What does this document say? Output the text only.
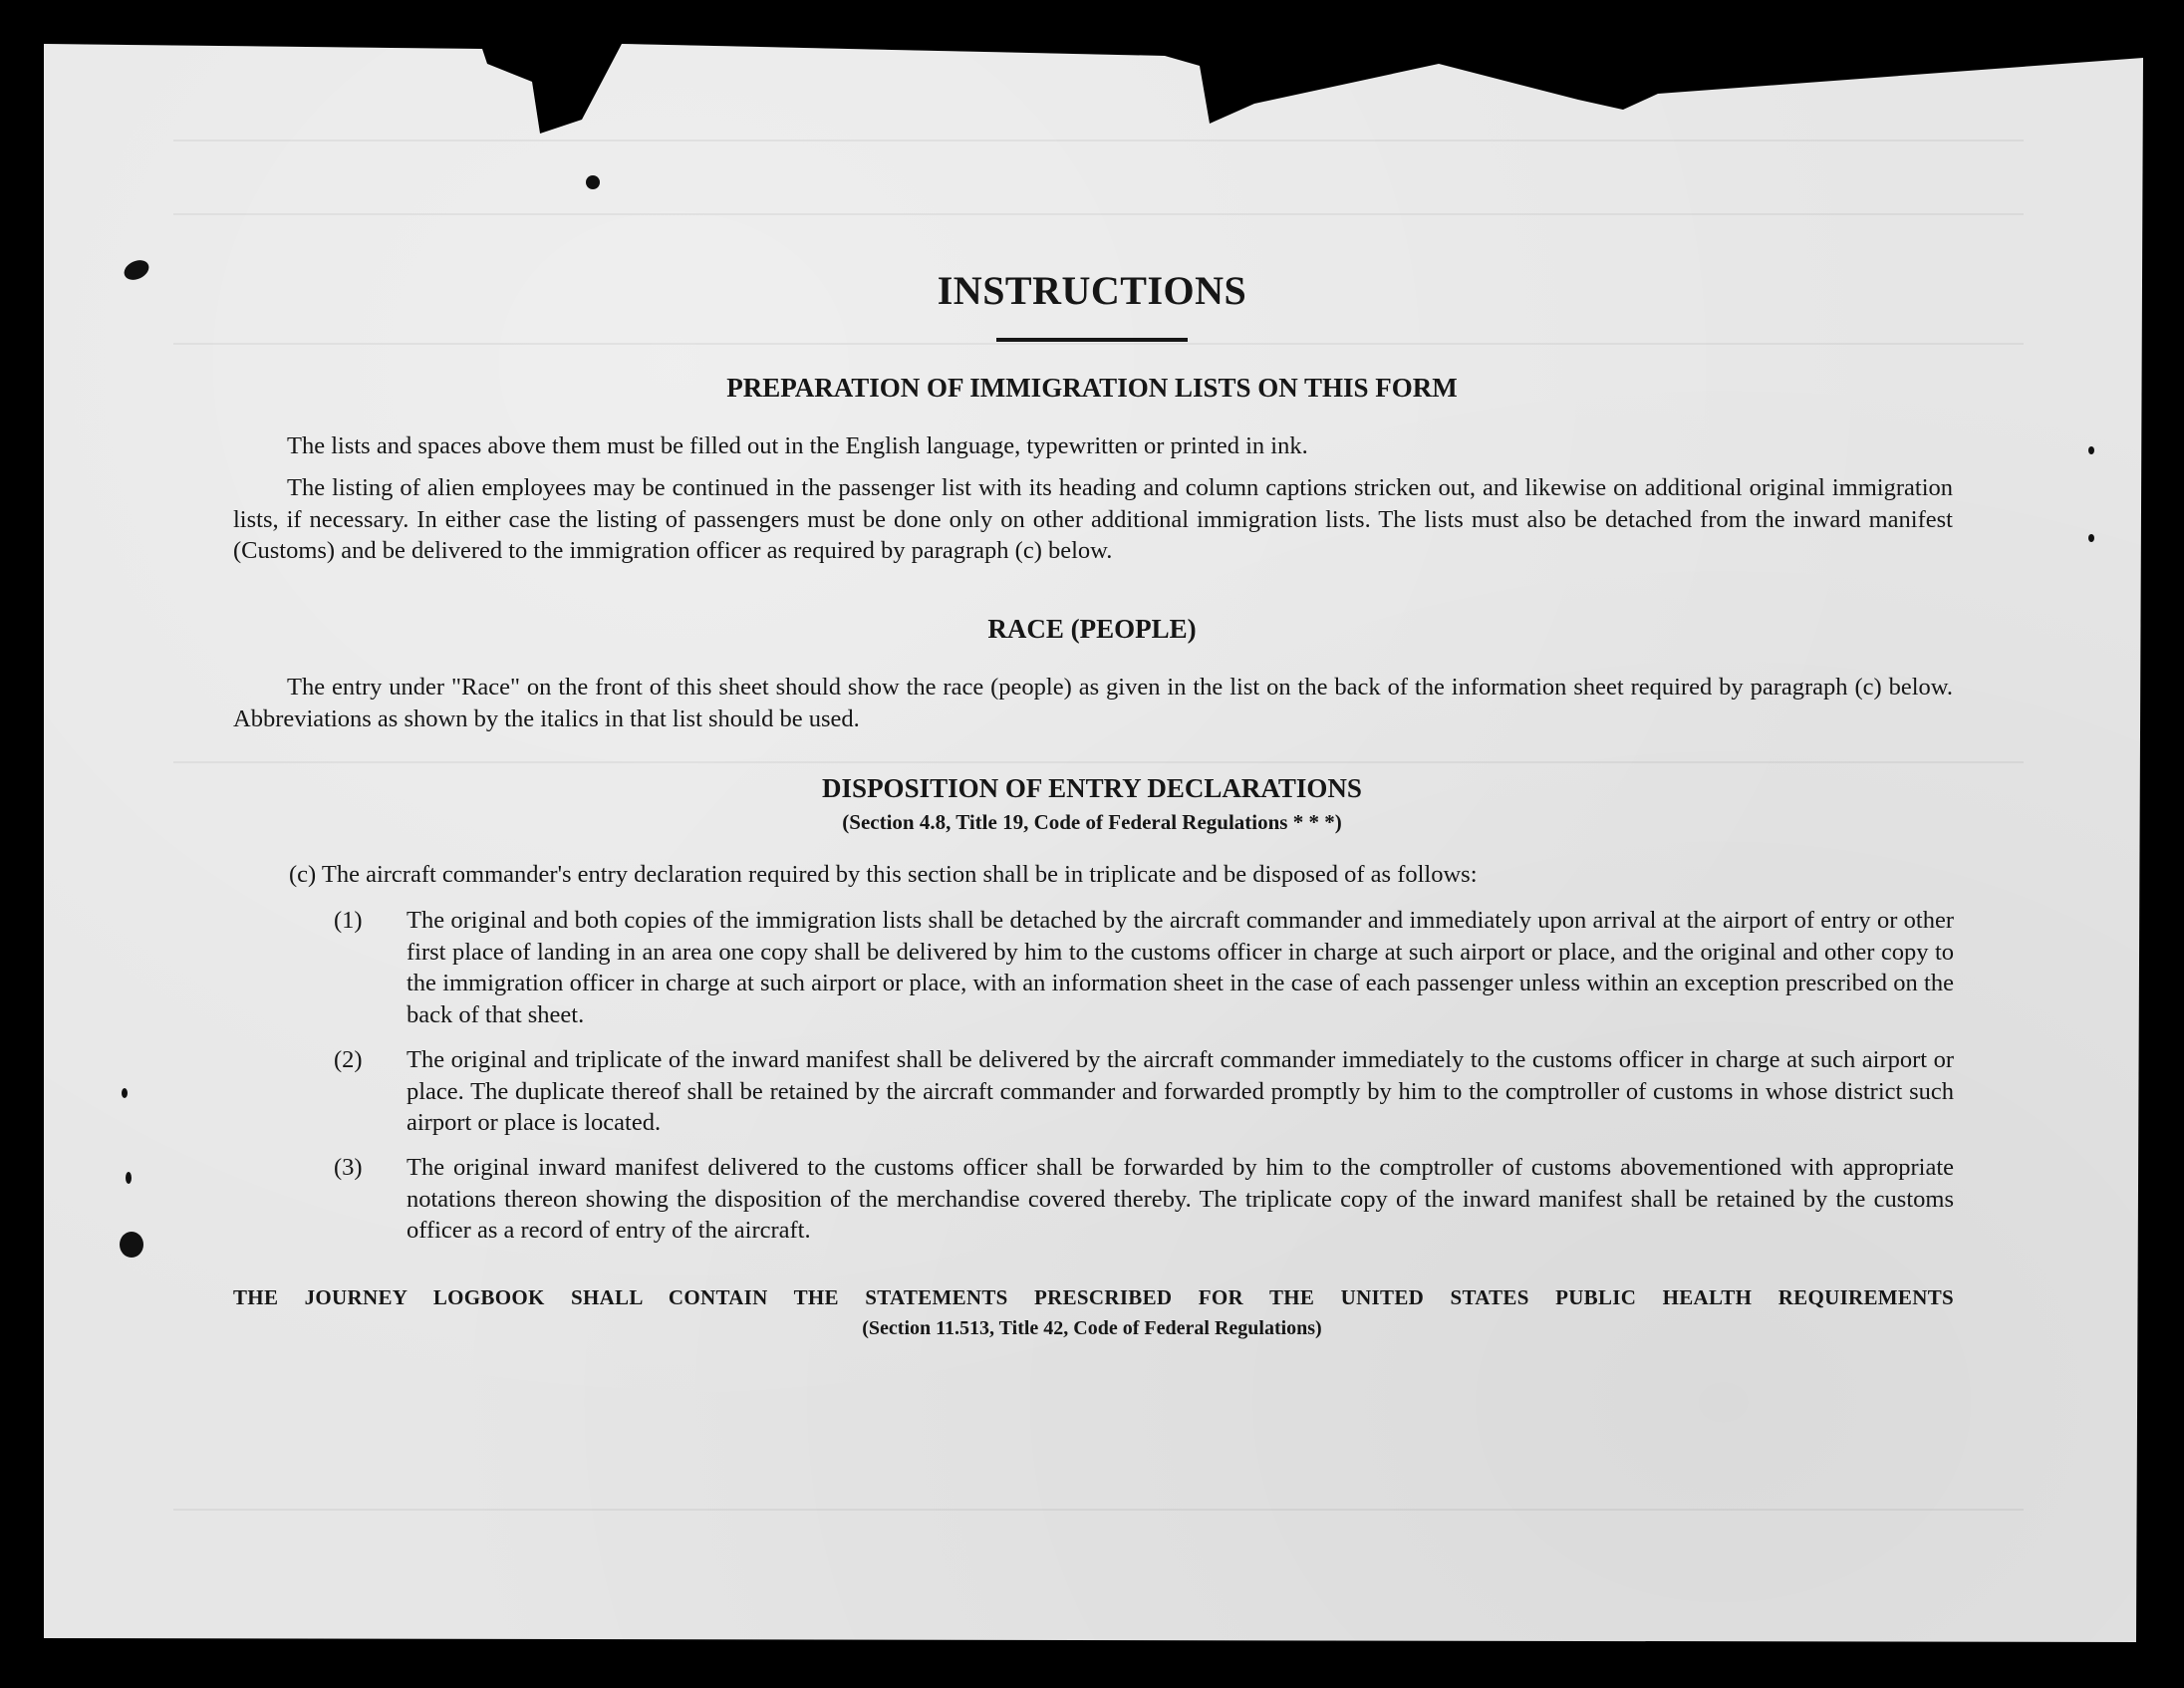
INSTRUCTIONS
PREPARATION OF IMMIGRATION LISTS ON THIS FORM

The lists and spaces above them must be filled out in the English language, typewritten or printed in ink.

The listing of alien employees may be continued in the passenger list with its heading and column captions stricken out, and likewise on additional original immigration lists, if necessary. In either case the listing of passengers must be done only on other additional immigration lists. The lists must also be detached from the inward manifest (Customs) and be delivered to the immigration officer as required by paragraph (c) below.

RACE (PEOPLE)

The entry under "Race" on the front of this sheet should show the race (people) as given in the list on the back of the information sheet required by paragraph (c) below. Abbreviations as shown by the italics in that list should be used.

DISPOSITION OF ENTRY DECLARATIONS

(Section 4.8, Title 19, Code of Federal Regulations * * *)

(c) The aircraft commander's entry declaration required by this section shall be in triplicate and be disposed of as follows:

(1) The original and both copies of the immigration lists shall be detached by the aircraft commander and immediately upon arrival at the airport of entry or other first place of landing in an area one copy shall be delivered by him to the customs officer in charge at such airport or place, and the original and other copy to the immigration officer in charge at such airport or place, with an information sheet in the case of each passenger unless within an exception prescribed on the back of that sheet.

(2) The original and triplicate of the inward manifest shall be delivered by the aircraft commander immediately to the customs officer in charge at such airport or place. The duplicate thereof shall be retained by the aircraft commander and forwarded promptly by him to the comptroller of customs in whose district such airport or place is located.

(3) The original inward manifest delivered to the customs officer shall be forwarded by him to the comptroller of customs abovementioned with appropriate notations thereon showing the disposition of the merchandise covered thereby. The triplicate copy of the inward manifest shall be retained by the customs officer as a record of entry of the aircraft.

THE JOURNEY LOGBOOK SHALL CONTAIN THE STATEMENTS PRESCRIBED FOR THE UNITED STATES PUBLIC HEALTH REQUIREMENTS

(Section 11.513, Title 42, Code of Federal Regulations)
